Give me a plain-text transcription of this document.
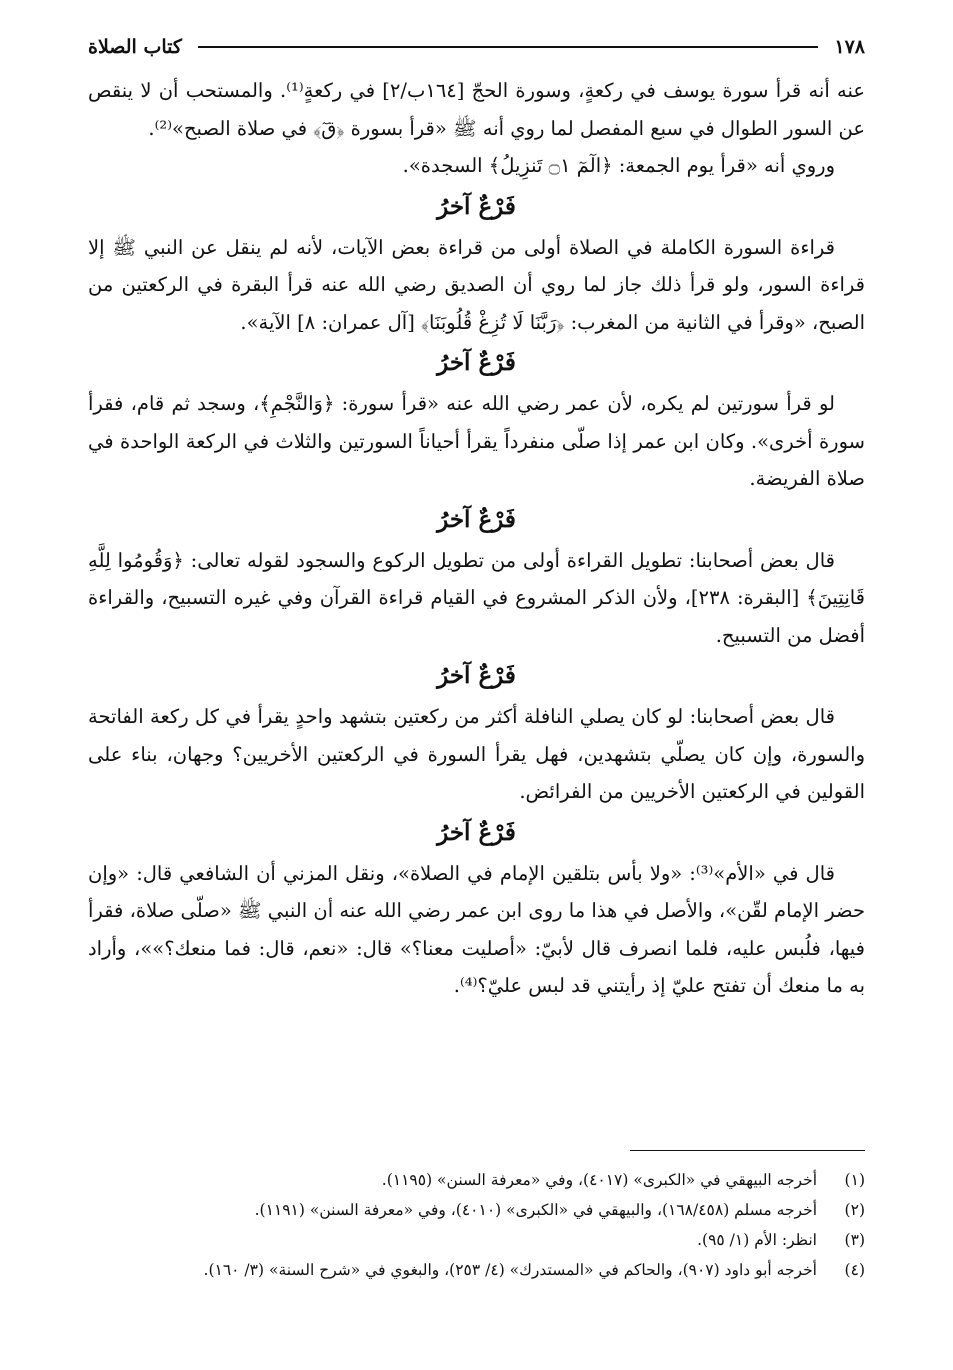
١٧٨
كتاب الصلاة

عنه أنه قرأ سورة يوسف في ركعةٍ، وسورة الحجّ [١٦٤ب/٢] في ركعةٍ⁽¹⁾. والمستحب أن لا ينقص عن السور الطوال في سبع المفصل لما روي أنه ﷺ «قرأ بسورة ﴿قٓ﴾ في صلاة الصبح»⁽²⁾.

وروي أنه «قرأ يوم الجمعة: ﴿الٓمٓ ۝١ تَنزِيلُ﴾ السجدة».

فَرْعٌ آخرُ

قراءة السورة الكاملة في الصلاة أولى من قراءة بعض الآيات، لأنه لم ينقل عن النبي ﷺ إلا قراءة السور، ولو قرأ ذلك جاز لما روي أن الصديق رضي الله عنه قرأ البقرة في الركعتين من الصبح، «وقرأ في الثانية من المغرب: ﴿رَبَّنَا لَا تُزِغْ قُلُوبَنَا﴾ [آل عمران: ٨] الآية».

فَرْعٌ آخرُ

لو قرأ سورتين لم يكره، لأن عمر رضي الله عنه «قرأ سورة: ﴿وَالنَّجْمِ﴾، وسجد ثم قام، فقرأ سورة أخرى». وكان ابن عمر إذا صلّى منفرداً يقرأ أحياناً السورتين والثلاث في الركعة الواحدة في صلاة الفريضة.

فَرْعٌ آخرُ

قال بعض أصحابنا: تطويل القراءة أولى من تطويل الركوع والسجود لقوله تعالى: ﴿وَقُومُوا لِلَّهِ قَانِتِينَ﴾ [البقرة: ٢٣٨]، ولأن الذكر المشروع في القيام قراءة القرآن وفي غيره التسبيح، والقراءة أفضل من التسبيح.

فَرْعٌ آخرُ

قال بعض أصحابنا: لو كان يصلي النافلة أكثر من ركعتين بتشهد واحدٍ يقرأ في كل ركعة الفاتحة والسورة، وإن كان يصلّي بتشهدين، فهل يقرأ السورة في الركعتين الأخريين؟ وجهان، بناء على القولين في الركعتين الأخريين من الفرائض.

فَرْعٌ آخرُ

قال في «الأم»⁽³⁾: «ولا بأس بتلقين الإمام في الصلاة»، ونقل المزني أن الشافعي قال: «وإن حضر الإمام لقّن»، والأصل في هذا ما روى ابن عمر رضي الله عنه أن النبي ﷺ «صلّى صلاة، فقرأ فيها، فلُبس عليه، فلما انصرف قال لأبيّ: «أصليت معنا؟» قال: «نعم، قال: فما منعك؟»»، وأراد به ما منعك أن تفتح عليّ إذ رأيتني قد لبس عليّ؟⁽⁴⁾.

(١)
أخرجه البيهقي في «الكبرى» (٤٠١٧)، وفي «معرفة السنن» (١١٩٥).
(٢)
أخرجه مسلم (١٦٨/٤٥٨)، والبيهقي في «الكبرى» (٤٠١٠)، وفي «معرفة السنن» (١١٩١).
(٣)
انظر: الأم (١/ ٩٥).
(٤)
أخرجه أبو داود (٩٠٧)، والحاكم في «المستدرك» (٤/ ٢٥٣)، والبغوي في «شرح السنة» (٣/ ١٦٠).
